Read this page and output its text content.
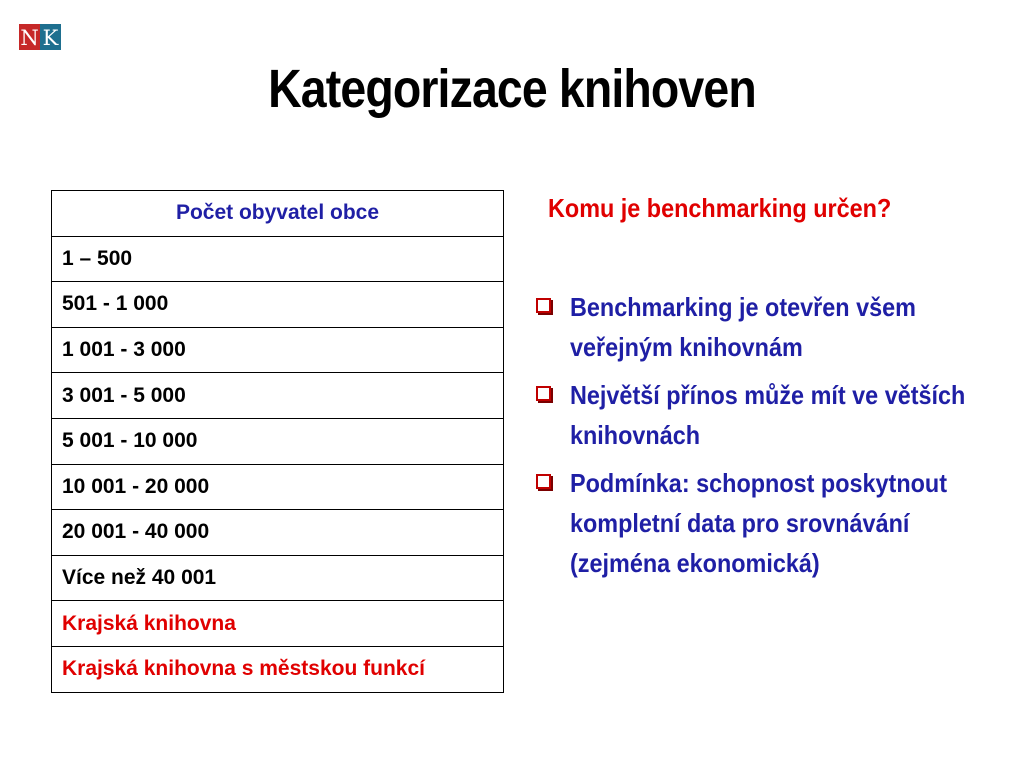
N K
Kategorizace knihoven
Počet obyvatel obce
1 – 500
501 - 1 000
1 001 - 3 000
3 001 - 5 000
5 001 - 10 000
10 001 - 20 000
20 001 - 40 000
Více než 40 001
Krajská knihovna
Krajská knihovna s městskou funkcí
Komu je benchmarking určen?
Benchmarking je otevřen všem veřejným knihovnám
Největší přínos může mít ve větších knihovnách
Podmínka: schopnost poskytnout kompletní data pro srovnávání (zejména ekonomická)
